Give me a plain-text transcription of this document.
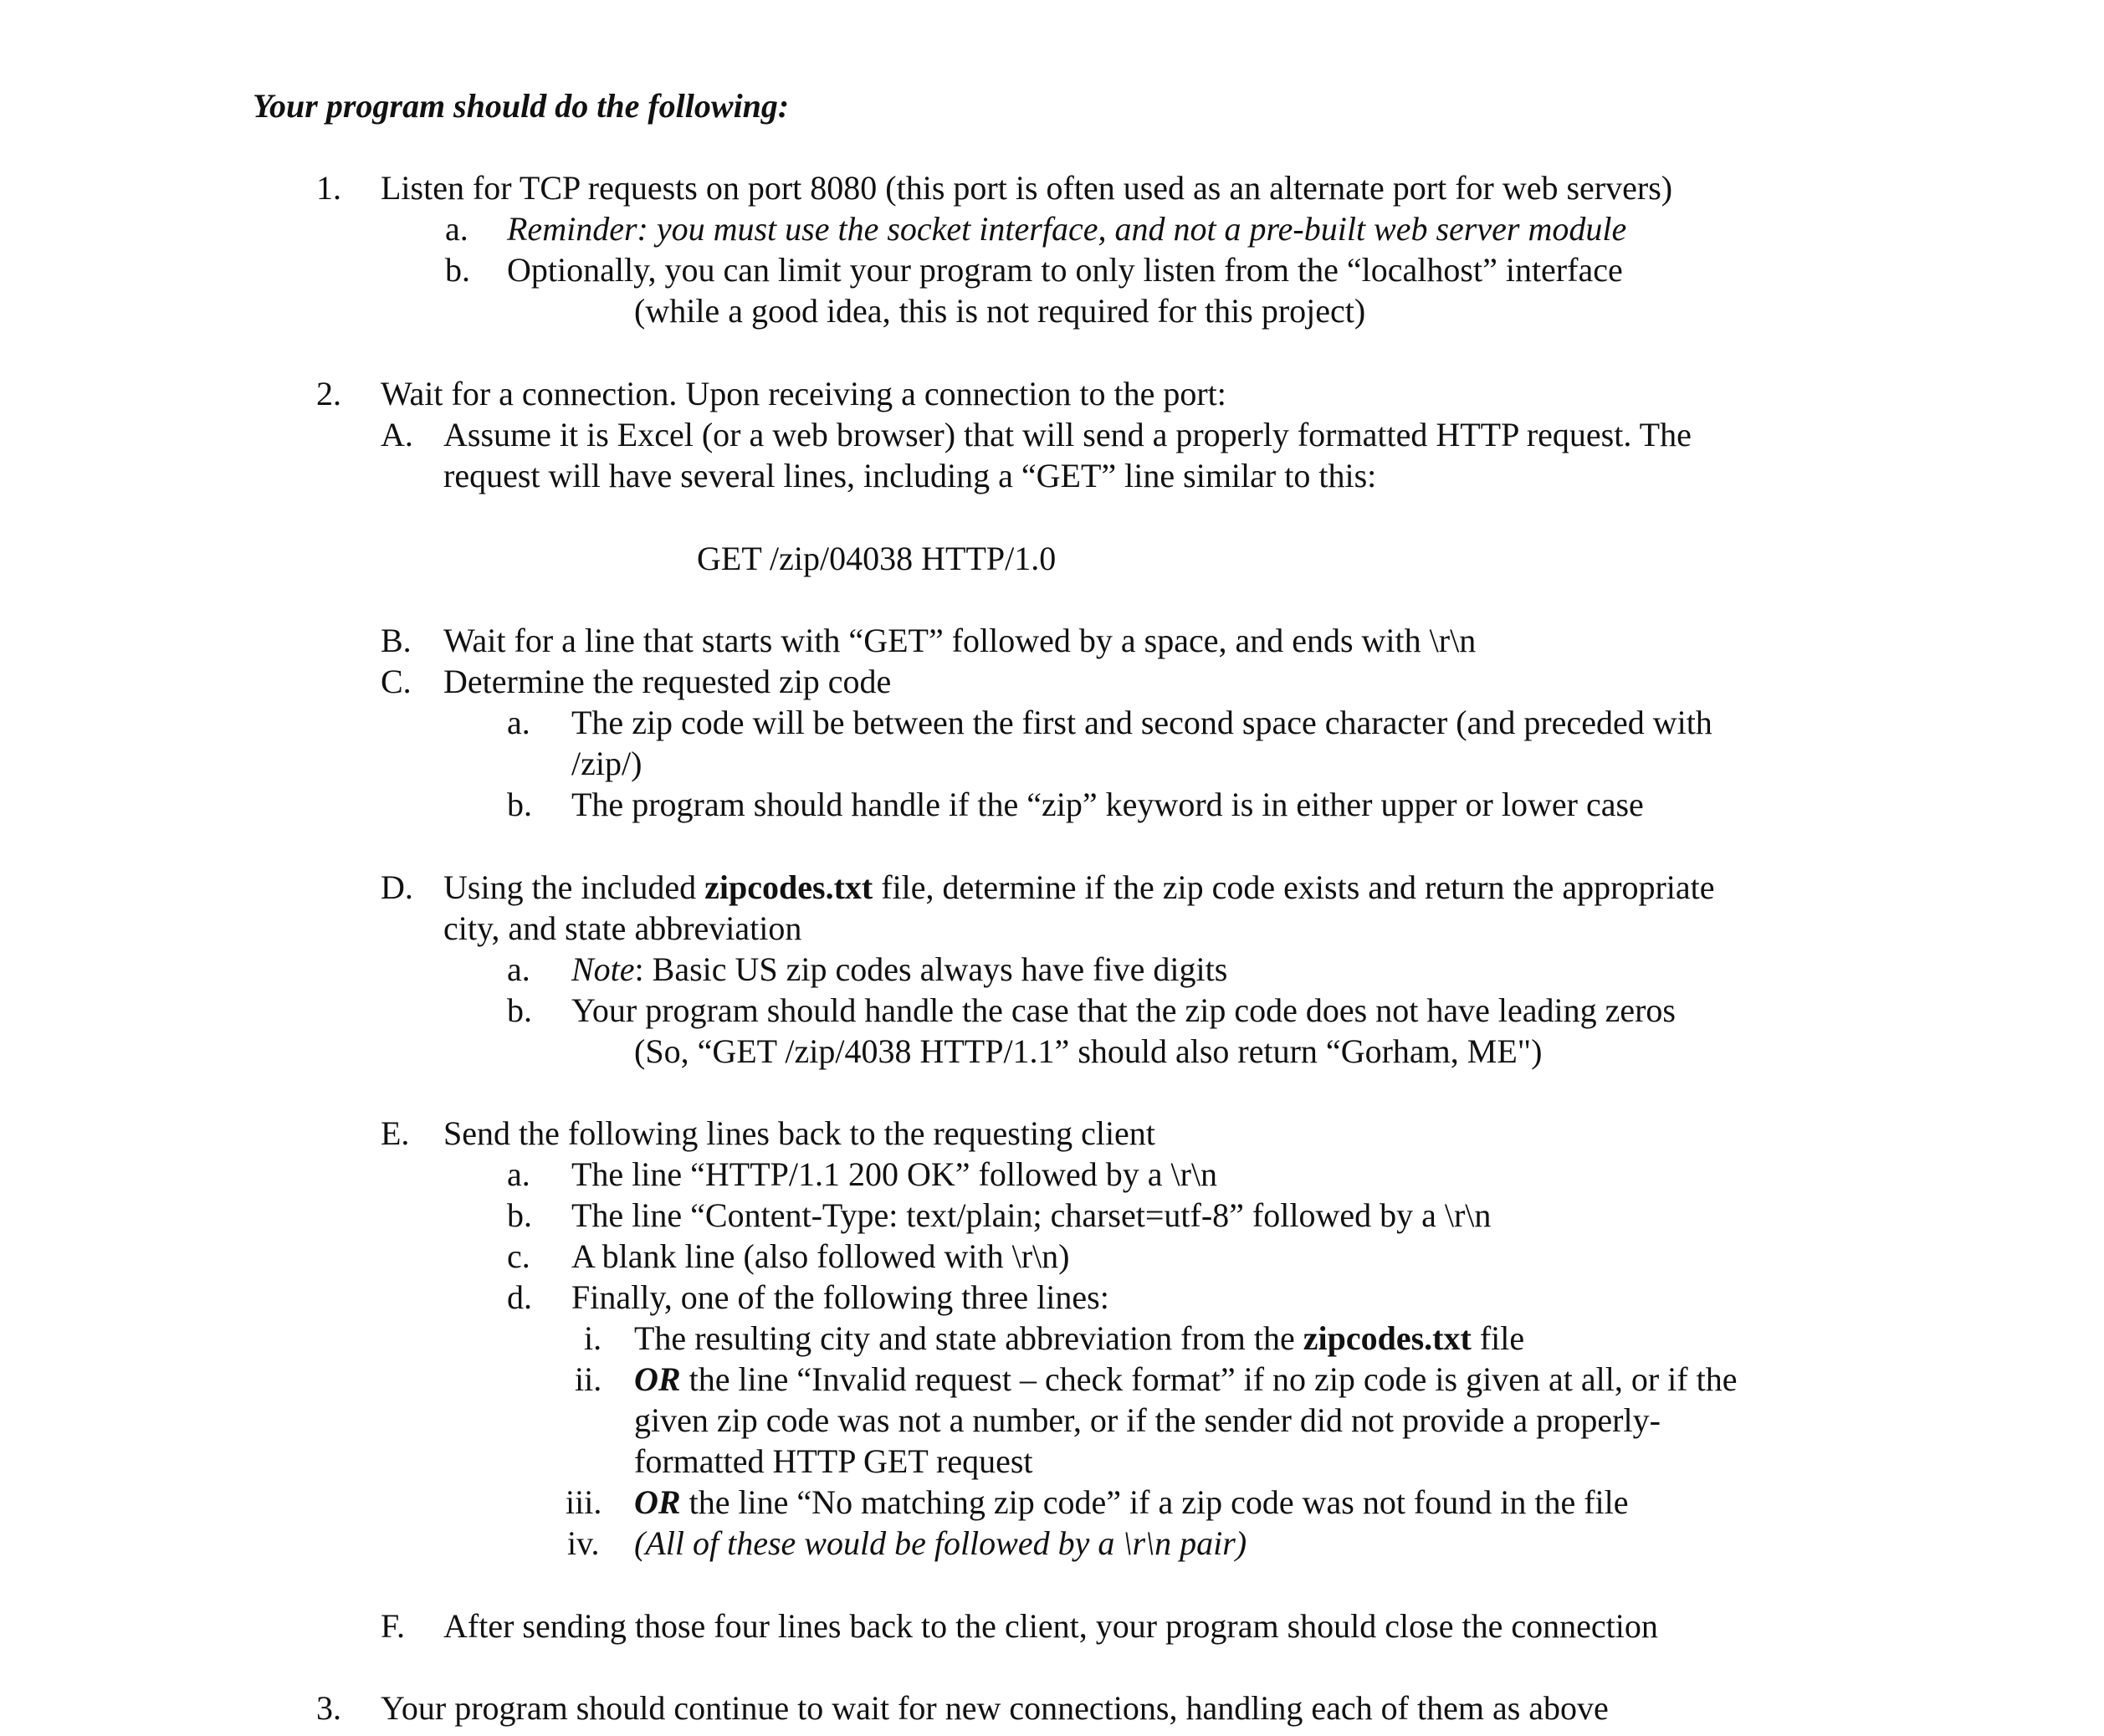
Your program should do the following:
1. Listen for TCP requests on port 8080 (this port is often used as an alternate port for web servers)
a. Reminder: you must use the socket interface, and not a pre-built web server module
b. Optionally, you can limit your program to only listen from the “localhost” interface
(while a good idea, this is not required for this project)
2. Wait for a connection. Upon receiving a connection to the port:
A. Assume it is Excel (or a web browser) that will send a properly formatted HTTP request. The
request will have several lines, including a “GET” line similar to this:
GET /zip/04038 HTTP/1.0
B. Wait for a line that starts with “GET” followed by a space, and ends with \r\n
C. Determine the requested zip code
a. The zip code will be between the first and second space character (and preceded with
/zip/)
b. The program should handle if the “zip” keyword is in either upper or lower case
D. Using the included zipcodes.txt file, determine if the zip code exists and return the appropriate
city, and state abbreviation
a. Note: Basic US zip codes always have five digits
b. Your program should handle the case that the zip code does not have leading zeros
(So, “GET /zip/4038 HTTP/1.1” should also return “Gorham, ME")
E. Send the following lines back to the requesting client
a. The line “HTTP/1.1 200 OK” followed by a \r\n
b. The line “Content-Type: text/plain; charset=utf-8” followed by a \r\n
c. A blank line (also followed with \r\n)
d. Finally, one of the following three lines:
i. The resulting city and state abbreviation from the zipcodes.txt file
ii. OR the line “Invalid request – check format” if no zip code is given at all, or if the
given zip code was not a number, or if the sender did not provide a properly-
formatted HTTP GET request
iii. OR the line “No matching zip code” if a zip code was not found in the file
iv. (All of these would be followed by a \r\n pair)
F. After sending those four lines back to the client, your program should close the connection
3. Your program should continue to wait for new connections, handling each of them as above
